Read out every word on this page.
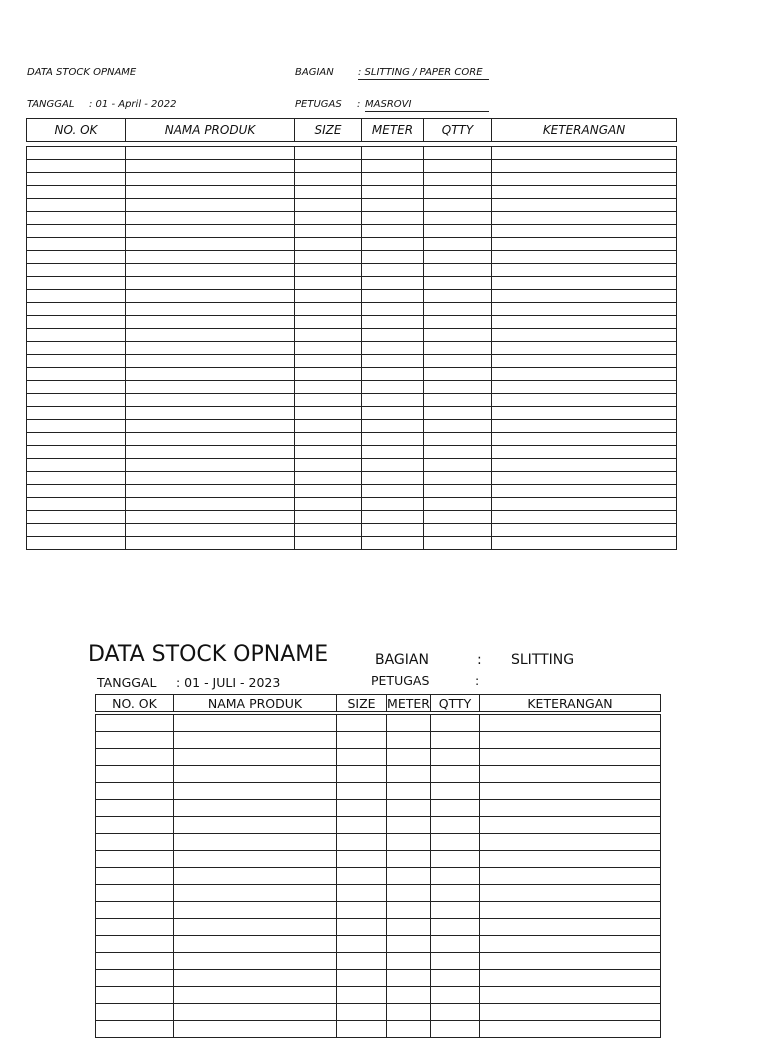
DATA STOCK OPNAME	BAGIAN : SLITTING / PAPER CORE
TANGGAL : 01 - April - 2022	PETUGAS : MASROVI
NO. OK	NAMA PRODUK	SIZE	METER	QTTY	KETERANGAN

DATA STOCK OPNAME	BAGIAN	: SLITTING
TANGGAL : 01 - JULI - 2023	PETUGAS	:
NO. OK	NAMA PRODUK	SIZE	METER	QTTY	KETERANGAN
